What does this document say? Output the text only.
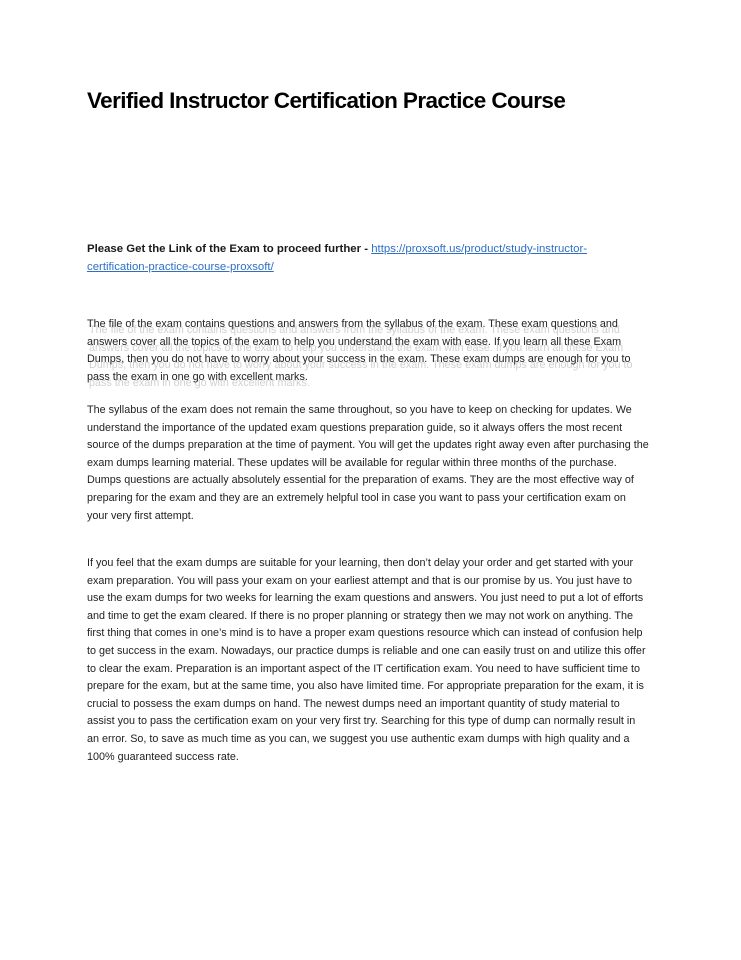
Verified Instructor Certification Practice Course

Please Get the Link of the Exam to proceed further - https://proxsoft.us/product/study-instructor-certification-practice-course-proxsoft/

The file of the exam contains questions and answers from the syllabus of the exam. These exam questions and answers cover all the topics of the exam to help you understand the exam with ease. If you learn all these Exam Dumps, then you do not have to worry about your success in the exam. These exam dumps are enough for you to pass the exam in one go with excellent marks.

The syllabus of the exam does not remain the same throughout, so you have to keep on checking for updates. We understand the importance of the updated exam questions preparation guide, so it always offers the most recent source of the dumps preparation at the time of payment. You will get the updates right away even after purchasing the exam dumps learning material. These updates will be available for regular within three months of the purchase. Dumps questions are actually absolutely essential for the preparation of exams. They are the most effective way of preparing for the exam and they are an extremely helpful tool in case you want to pass your certification exam on your very first attempt.

If you feel that the exam dumps are suitable for your learning, then don’t delay your order and get started with your exam preparation. You will pass your exam on your earliest attempt and that is our promise by us. You just have to use the exam dumps for two weeks for learning the exam questions and answers. You just need to put a lot of efforts and time to get the exam cleared. If there is no proper planning or strategy then we may not work on anything. The first thing that comes in one’s mind is to have a proper exam questions resource which can instead of confusion help to get success in the exam. Nowadays, our practice dumps is reliable and one can easily trust on and utilize this offer to clear the exam. Preparation is an important aspect of the IT certification exam. You need to have sufficient time to prepare for the exam, but at the same time, you also have limited time. For appropriate preparation for the exam, it is crucial to possess the exam dumps on hand. The newest dumps need an important quantity of study material to assist you to pass the certification exam on your very first try. Searching for this type of dump can normally result in an error. So, to save as much time as you can, we suggest you use authentic exam dumps with high quality and a 100% guaranteed success rate.
